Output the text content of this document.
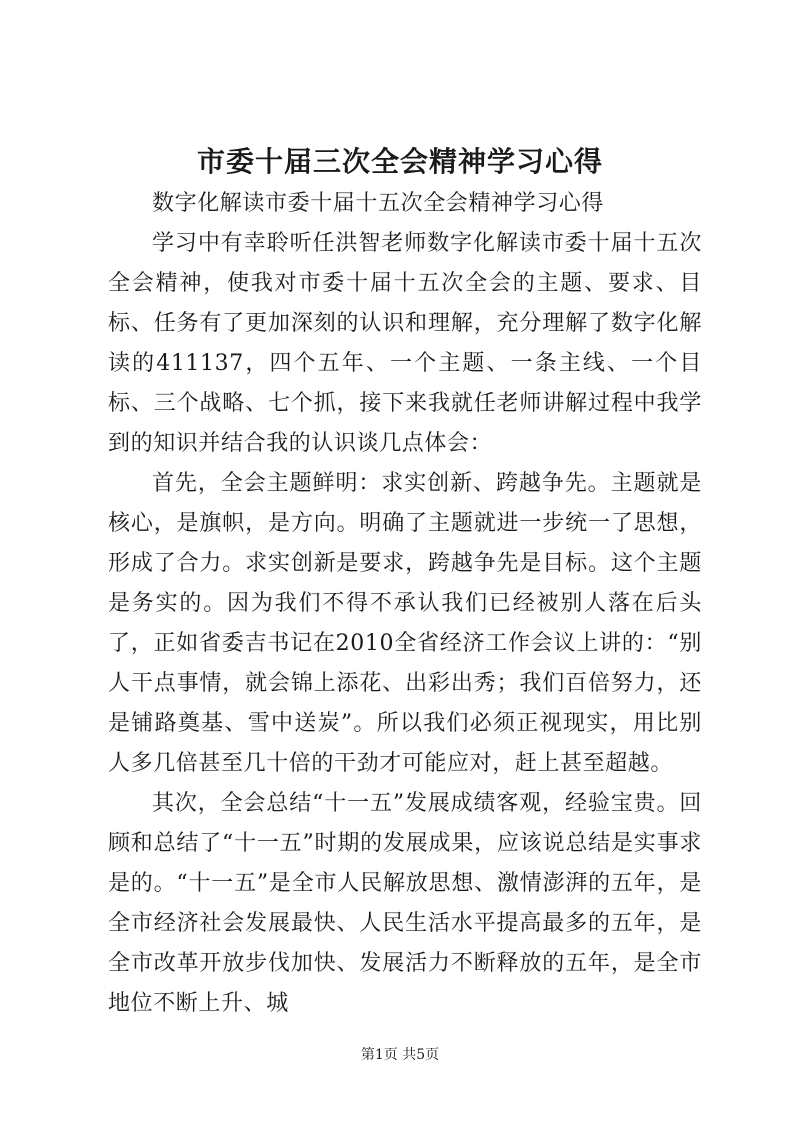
市委十届三次全会精神学习心得

数字化解读市委十届十五次全会精神学习心得

学习中有幸聆听任洪智老师数字化解读市委十届十五次全会精神，使我对市委十届十五次全会的主题、要求、目标、任务有了更加深刻的认识和理解，充分理解了数字化解读的411137，四个五年、一个主题、一条主线、一个目标、三个战略、七个抓，接下来我就任老师讲解过程中我学到的知识并结合我的认识谈几点体会：

首先，全会主题鲜明：求实创新、跨越争先。主题就是核心，是旗帜，是方向。明确了主题就进一步统一了思想，形成了合力。求实创新是要求，跨越争先是目标。这个主题是务实的。因为我们不得不承认我们已经被别人落在后头了，正如省委吉书记在2010全省经济工作会议上讲的：“别人干点事情，就会锦上添花、出彩出秀；我们百倍努力，还是铺路奠基、雪中送炭”。所以我们必须正视现实，用比别人多几倍甚至几十倍的干劲才可能应对，赶上甚至超越。

其次，全会总结“十一五”发展成绩客观，经验宝贵。回顾和总结了“十一五”时期的发展成果，应该说总结是实事求是的。“十一五”是全市人民解放思想、激情澎湃的五年，是全市经济社会发展最快、人民生活水平提高最多的五年，是全市改革开放步伐加快、发展活力不断释放的五年，是全市地位不断上升、城

第1页 共5页
